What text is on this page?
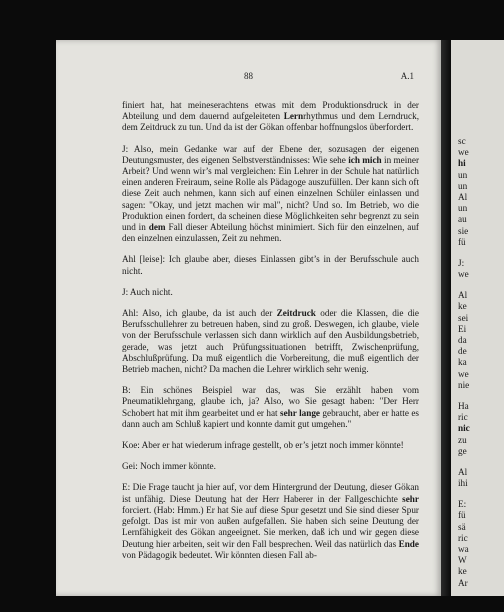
88	A.1

finiert hat, hat meineserachtens etwas mit dem Produktionsdruck in der Abteilung und dem dauernd aufgeleiteten Lernrhythmus und dem Lerndruck, dem Zeitdruck zu tun. Und da ist der Gökan offenbar hoffnungslos überfordert.

J: Also, mein Gedanke war auf der Ebene der, sozusagen der eigenen Deutungsmuster, des eigenen Selbstverständnisses: Wie sehe ich mich in meiner Arbeit? Und wenn wir’s mal vergleichen: Ein Lehrer in der Schule hat natürlich einen anderen Freiraum, seine Rolle als Pädagoge auszufüllen. Der kann sich oft diese Zeit auch nehmen, kann sich auf einen einzelnen Schüler einlassen und sagen: "Okay, und jetzt machen wir mal", nicht? Und so. Im Betrieb, wo die Produktion einen fordert, da scheinen diese Möglichkeiten sehr begrenzt zu sein und in dem Fall dieser Abteilung höchst minimiert. Sich für den einzelnen, auf den einzelnen einzulassen, Zeit zu nehmen.

Ahl [leise]: Ich glaube aber, dieses Einlassen gibt’s in der Berufsschule auch nicht.

J: Auch nicht.

Ahl: Also, ich glaube, da ist auch der Zeitdruck oder die Klassen, die die Berufsschullehrer zu betreuen haben, sind zu groß. Deswegen, ich glaube, viele von der Berufsschule verlassen sich dann wirklich auf den Ausbildungsbetrieb, gerade, was jetzt auch Prüfungssituationen betrifft, Zwischenprüfung, Abschlußprüfung. Da muß eigentlich die Vorbereitung, die muß eigentlich der Betrieb machen, nicht? Da machen die Lehrer wirklich sehr wenig.

B: Ein schönes Beispiel war das, was Sie erzählt haben vom Pneumatiklehrgang, glaube ich, ja? Also, wo Sie gesagt haben: "Der Herr Schobert hat mit ihm gearbeitet und er hat sehr lange gebraucht, aber er hatte es dann auch am Schluß kapiert und konnte damit gut umgehen."

Koe: Aber er hat wiederum infrage gestellt, ob er’s jetzt noch immer könnte!

Gei: Noch immer könnte.

E: Die Frage taucht ja hier auf, vor dem Hintergrund der Deutung, dieser Gökan ist unfähig. Diese Deutung hat der Herr Haberer in der Fallgeschichte sehr forciert. (Hab: Hmm.) Er hat Sie auf diese Spur gesetzt und Sie sind dieser Spur gefolgt. Das ist mir von außen aufgefallen. Sie haben sich seine Deutung der Lernfähigkeit des Gökan angeeignet. Sie merken, daß ich und wir gegen diese Deutung hier arbeiten, seit wir den Fall besprechen. Weil das natürlich das Ende von Pädagogik bedeutet. Wir könnten diesen Fall ab-

sc
we
hi
un
un
Al
un
au
sie
fü
J:
we
Al
ke
sei
Ei
da
de
ka
we
nie
Ha
ric
nic
zu
ge
Al
ihi
E:
fü
sä
ric
wa
W
ke
Ar
